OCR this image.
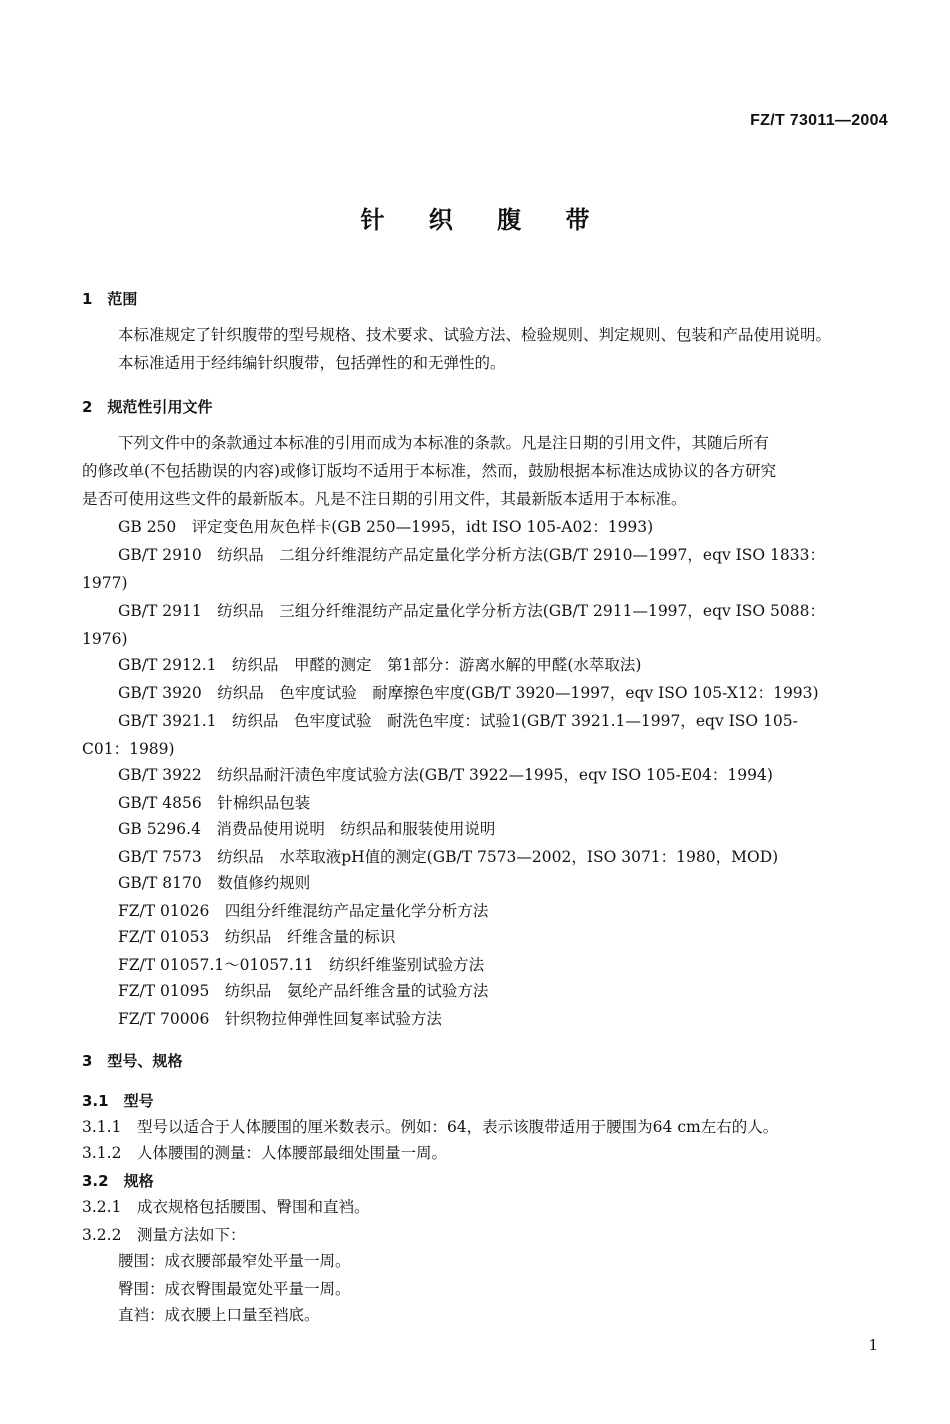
FZ/T 73011—2004
针 织 腹 带
1　范围
本标准规定了针织腹带的型号规格、技术要求、试验方法、检验规则、判定规则、包装和产品使用说明。
本标准适用于经纬编针织腹带，包括弹性的和无弹性的。
2　规范性引用文件
下列文件中的条款通过本标准的引用而成为本标准的条款。凡是注日期的引用文件，其随后所有
的修改单(不包括勘误的内容)或修订版均不适用于本标准，然而，鼓励根据本标准达成协议的各方研究
是否可使用这些文件的最新版本。凡是不注日期的引用文件，其最新版本适用于本标准。
GB 250　评定变色用灰色样卡(GB 250—1995，idt ISO 105-A02：1993)
GB/T 2910　纺织品　二组分纤维混纺产品定量化学分析方法(GB/T 2910—1997，eqv ISO 1833：
1977)
GB/T 2911　纺织品　三组分纤维混纺产品定量化学分析方法(GB/T 2911—1997，eqv ISO 5088：
1976)
GB/T 2912.1　纺织品　甲醛的测定　第1部分：游离水解的甲醛(水萃取法)
GB/T 3920　纺织品　色牢度试验　耐摩擦色牢度(GB/T 3920—1997，eqv ISO 105-X12：1993)
GB/T 3921.1　纺织品　色牢度试验　耐洗色牢度：试验1(GB/T 3921.1—1997，eqv ISO 105-
C01：1989)
GB/T 3922　纺织品耐汗渍色牢度试验方法(GB/T 3922—1995，eqv ISO 105-E04：1994)
GB/T 4856　针棉织品包装
GB 5296.4　消费品使用说明　纺织品和服装使用说明
GB/T 7573　纺织品　水萃取液pH值的测定(GB/T 7573—2002，ISO 3071：1980，MOD)
GB/T 8170　数值修约规则
FZ/T 01026　四组分纤维混纺产品定量化学分析方法
FZ/T 01053　纺织品　纤维含量的标识
FZ/T 01057.1～01057.11　纺织纤维鉴别试验方法
FZ/T 01095　纺织品　氨纶产品纤维含量的试验方法
FZ/T 70006　针织物拉伸弹性回复率试验方法
3　型号、规格
3.1　型号
3.1.1　型号以适合于人体腰围的厘米数表示。例如：64，表示该腹带适用于腰围为64 cm左右的人。
3.1.2　人体腰围的测量：人体腰部最细处围量一周。
3.2　规格
3.2.1　成衣规格包括腰围、臀围和直裆。
3.2.2　测量方法如下：
腰围：成衣腰部最窄处平量一周。
臀围：成衣臀围最宽处平量一周。
直裆：成衣腰上口量至裆底。
1
